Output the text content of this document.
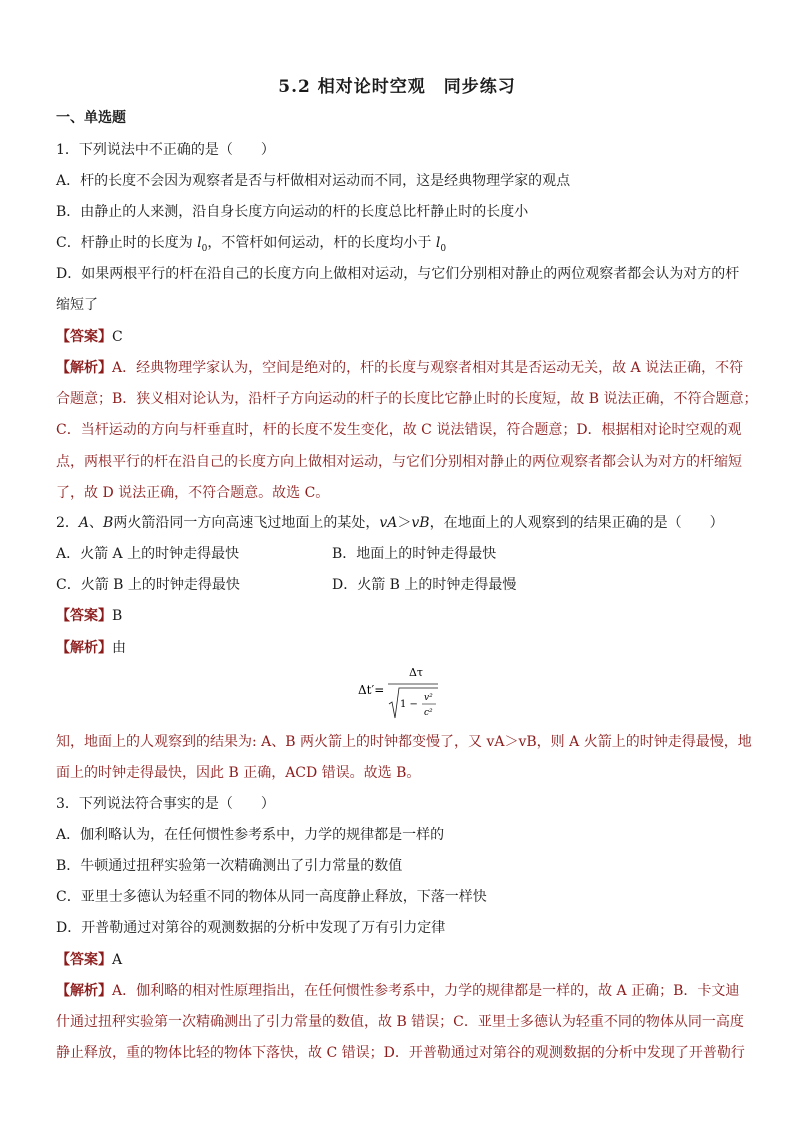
5.2 相对论时空观　同步练习
一、单选题
1．下列说法中不正确的是（　　）
A．杆的长度不会因为观察者是否与杆做相对运动而不同，这是经典物理学家的观点
B．由静止的人来测，沿自身长度方向运动的杆的长度总比杆静止时的长度小
C．杆静止时的长度为 $l_0$，不管杆如何运动，杆的长度均小于 $l_0$
D．如果两根平行的杆在沿自己的长度方向上做相对运动，与它们分别相对静止的两位观察者都会认为对方的杆
缩短了
【答案】C
【解析】A．经典物理学家认为，空间是绝对的，杆的长度与观察者相对其是否运动无关，故 A 说法正确，不符
合题意；B．狭义相对论认为，沿杆子方向运动的杆子的长度比它静止时的长度短，故 B 说法正确，不符合题意；
C．当杆运动的方向与杆垂直时，杆的长度不发生变化，故 C 说法错误，符合题意；D．根据相对论时空观的观
点，两根平行的杆在沿自己的长度方向上做相对运动，与它们分别相对静止的两位观察者都会认为对方的杆缩短
了，故 D 说法正确，不符合题意。故选 C。
2．A、B两火箭沿同一方向高速飞过地面上的某处，vA＞vB，在地面上的人观察到的结果正确的是（　　）
A．火箭 A 上的时钟走得最快	B．地面上的时钟走得最快
C．火箭 B 上的时钟走得最快	D．火箭 B 上的时钟走得最慢
【答案】B
【解析】由
Δt′=
Δτ
1 −
v²
c²
知，地面上的人观察到的结果为: A、B 两火箭上的时钟都变慢了，又 vA＞vB，则 A 火箭上的时钟走得最慢，地
面上的时钟走得最快，因此 B 正确，ACD 错误。故选 B。
3．下列说法符合事实的是（　　）
A．伽利略认为，在任何惯性参考系中，力学的规律都是一样的
B．牛顿通过扭秤实验第一次精确测出了引力常量的数值
C．亚里士多德认为轻重不同的物体从同一高度静止释放，下落一样快
D．开普勒通过对第谷的观测数据的分析中发现了万有引力定律
【答案】A
【解析】A．伽利略的相对性原理指出，在任何惯性参考系中，力学的规律都是一样的，故 A 正确；B．卡文迪
什通过扭秤实验第一次精确测出了引力常量的数值，故 B 错误；C．亚里士多德认为轻重不同的物体从同一高度
静止释放，重的物体比轻的物体下落快，故 C 错误；D．开普勒通过对第谷的观测数据的分析中发现了开普勒行
